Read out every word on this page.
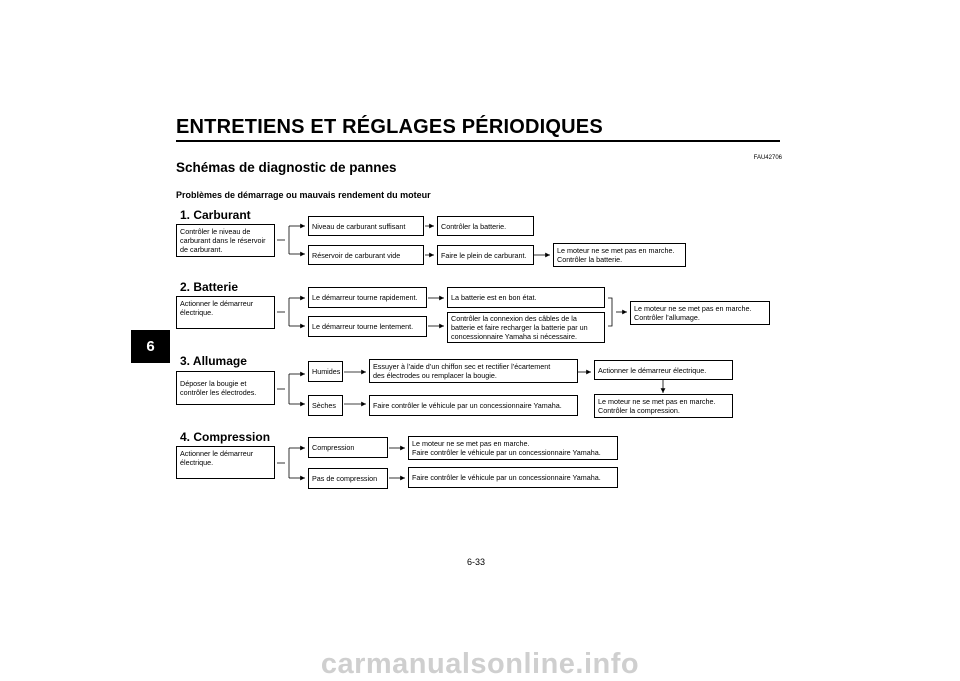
ENTRETIENS ET RÉGLAGES PÉRIODIQUES
6
FAU42706
Schémas de diagnostic de pannes
Problèmes de démarrage ou mauvais rendement du moteur
1. Carburant
Contrôler le niveau de
carburant dans le réservoir
de carburant.
Niveau de carburant suffisant	Contrôler la batterie.
Réservoir de carburant vide	Faire le plein de carburant.	Le moteur ne se met pas en marche.
Contrôler la batterie.
2. Batterie
Actionner le démarreur
électrique.
Le démarreur tourne rapidement.	La batterie est en bon état.
Le démarreur tourne lentement.
Contrôler la connexion des câbles de la
batterie et faire recharger la batterie par un
concessionnaire Yamaha si nécessaire.
Le moteur ne se met pas en marche.
Contrôler l’allumage.
3. Allumage
Déposer la bougie et
contrôler les électrodes.
Humides
Essuyer à l’aide d’un chiffon sec et rectifier l’écartement
des électrodes ou remplacer la bougie.
Actionner le démarreur électrique.
Le moteur ne se met pas en marche.
Contrôler la compression.
Sèches	Faire contrôler le véhicule par un concessionnaire Yamaha.
4. Compression
Actionner le démarreur
électrique.
Compression	Le moteur ne se met pas en marche.
Faire contrôler le véhicule par un concessionnaire Yamaha.
Pas de compression	Faire contrôler le véhicule par un concessionnaire Yamaha.
6-33
carmanualsonline.info
